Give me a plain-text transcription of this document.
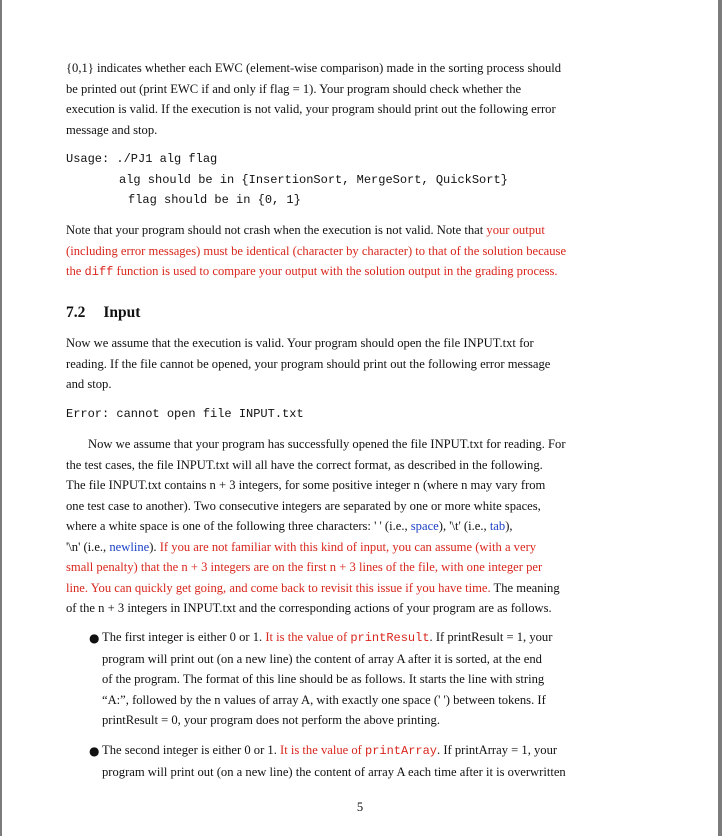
{0,1} indicates whether each EWC (element-wise comparison) made in the sorting process should
be printed out (print EWC if and only if flag = 1). Your program should check whether the
execution is valid. If the execution is not valid, your program should print out the following error
message and stop.
Usage: ./PJ1 alg flag
alg should be in {InsertionSort, MergeSort, QuickSort}
flag should be in {0, 1}
Note that your program should not crash when the execution is not valid. Note that your output
(including error messages) must be identical (character by character) to that of the solution because
the diff function is used to compare your output with the solution output in the grading process.
7.2 Input
Now we assume that the execution is valid. Your program should open the file INPUT.txt for
reading. If the file cannot be opened, your program should print out the following error message
and stop.
Error: cannot open file INPUT.txt
Now we assume that your program has successfully opened the file INPUT.txt for reading. For
the test cases, the file INPUT.txt will all have the correct format, as described in the following.
The file INPUT.txt contains n + 3 integers, for some positive integer n (where n may vary from
one test case to another). Two consecutive integers are separated by one or more white spaces,
where a white space is one of the following three characters: ' ' (i.e., space), '\t' (i.e., tab),
'\n' (i.e., newline). If you are not familiar with this kind of input, you can assume (with a very
small penalty) that the n + 3 integers are on the first n + 3 lines of the file, with one integer per
line. You can quickly get going, and come back to revisit this issue if you have time. The meaning
of the n + 3 integers in INPUT.txt and the corresponding actions of your program are as follows.
● The first integer is either 0 or 1. It is the value of printResult. If printResult = 1, your
program will print out (on a new line) the content of array A after it is sorted, at the end
of the program. The format of this line should be as follows. It starts the line with string
“A:”, followed by the n values of array A, with exactly one space (' ') between tokens. If
printResult = 0, your program does not perform the above printing.
● The second integer is either 0 or 1. It is the value of printArray. If printArray = 1, your
program will print out (on a new line) the content of array A each time after it is overwritten
5
